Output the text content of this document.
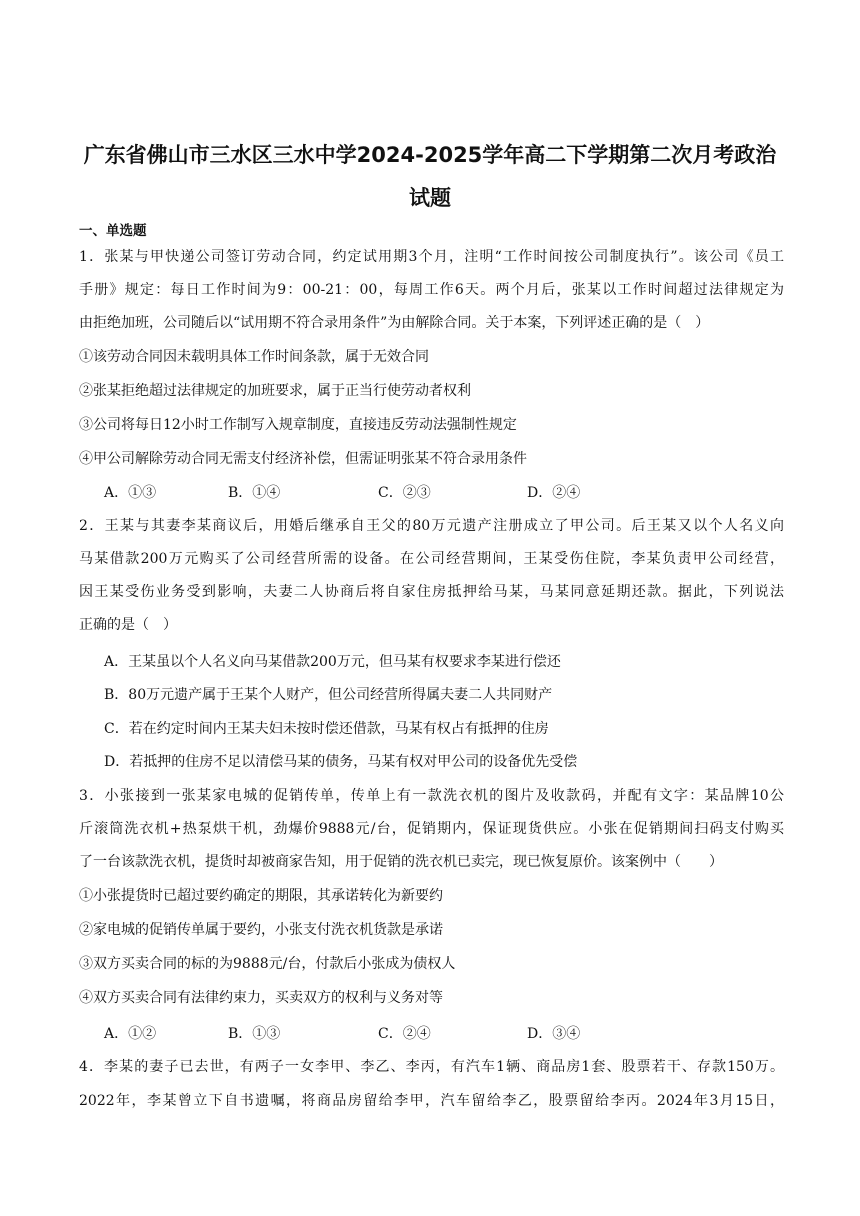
广东省佛山市三水区三水中学2024-2025学年高二下学期第二次月考政治
试题
一、单选题
1．张某与甲快递公司签订劳动合同，约定试用期3个月，注明“工作时间按公司制度执行”。该公司《员工
手册》规定：每日工作时间为9：00-21：00，每周工作6天。两个月后，张某以工作时间超过法律规定为
由拒绝加班，公司随后以“试用期不符合录用条件”为由解除合同。关于本案，下列评述正确的是（　）
①该劳动合同因未载明具体工作时间条款，属于无效合同
②张某拒绝超过法律规定的加班要求，属于正当行使劳动者权利
③公司将每日12小时工作制写入规章制度，直接违反劳动法强制性规定
④甲公司解除劳动合同无需支付经济补偿，但需证明张某不符合录用条件
A．①③	B．①④	C．②③	D．②④
2．王某与其妻李某商议后，用婚后继承自王父的80万元遗产注册成立了甲公司。后王某又以个人名义向
马某借款200万元购买了公司经营所需的设备。在公司经营期间，王某受伤住院，李某负责甲公司经营，
因王某受伤业务受到影响，夫妻二人协商后将自家住房抵押给马某，马某同意延期还款。据此，下列说法
正确的是（　）
A．王某虽以个人名义向马某借款200万元，但马某有权要求李某进行偿还
B．80万元遗产属于王某个人财产，但公司经营所得属夫妻二人共同财产
C．若在约定时间内王某夫妇未按时偿还借款，马某有权占有抵押的住房
D．若抵押的住房不足以清偿马某的债务，马某有权对甲公司的设备优先受偿
3．小张接到一张某家电城的促销传单，传单上有一款洗衣机的图片及收款码，并配有文字：某品牌10公
斤滚筒洗衣机+热泵烘干机，劲爆价9888元/台，促销期内，保证现货供应。小张在促销期间扫码支付购买
了一台该款洗衣机，提货时却被商家告知，用于促销的洗衣机已卖完，现已恢复原价。该案例中（　　）
①小张提货时已超过要约确定的期限，其承诺转化为新要约
②家电城的促销传单属于要约，小张支付洗衣机货款是承诺
③双方买卖合同的标的为9888元/台，付款后小张成为债权人
④双方买卖合同有法律约束力，买卖双方的权利与义务对等
A．①②	B．①③	C．②④	D．③④
4．李某的妻子已去世，有两子一女李甲、李乙、李丙，有汽车1辆、商品房1套、股票若干、存款150万。
2022年，李某曾立下自书遗嘱，将商品房留给李甲，汽车留给李乙，股票留给李丙。2024年3月15日，
